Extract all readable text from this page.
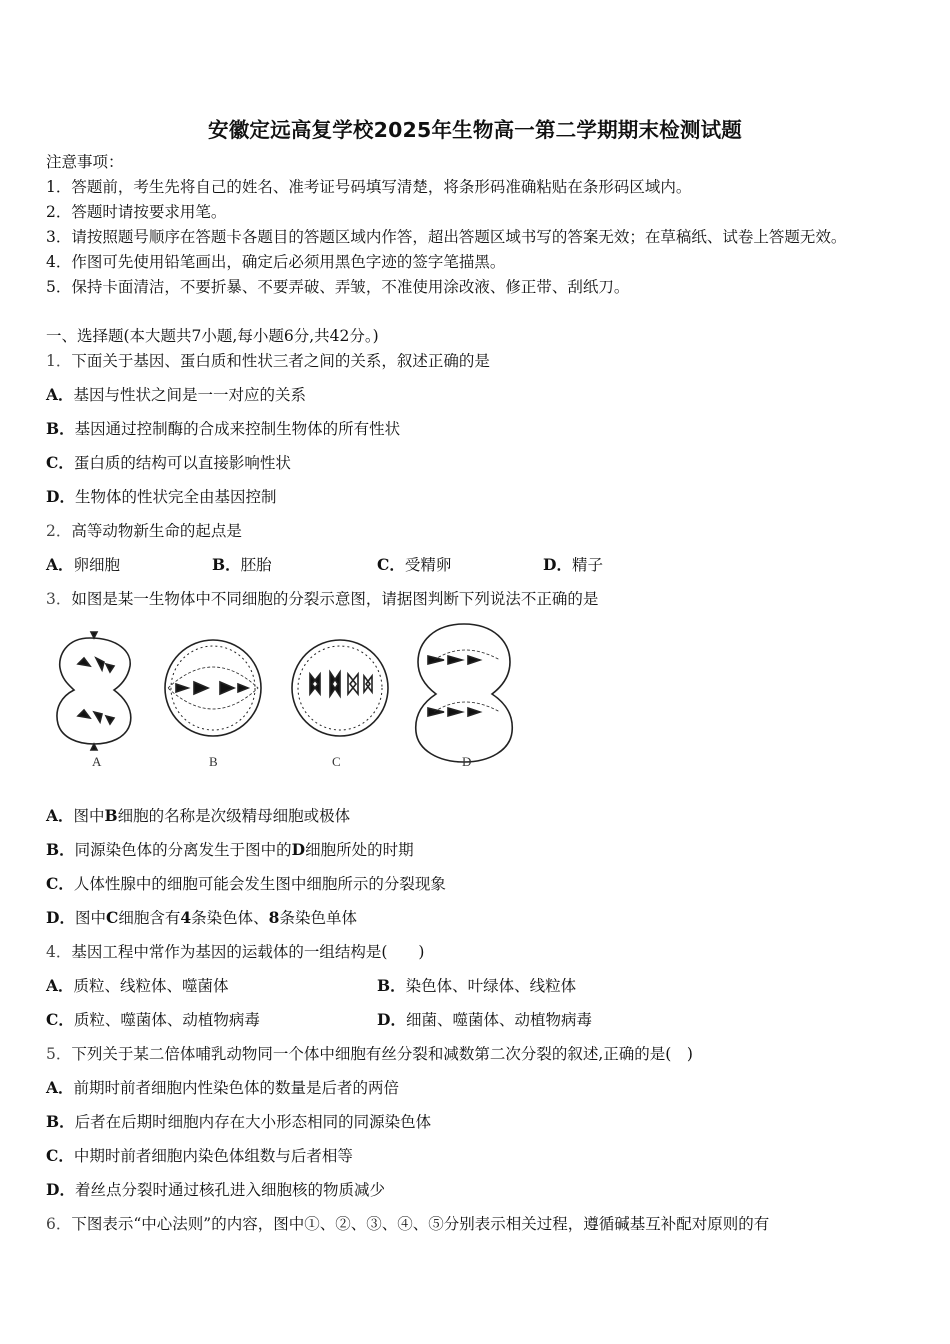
安徽定远高复学校2025年生物高一第二学期期末检测试题
注意事项：
1．答题前，考生先将自己的姓名、准考证号码填写清楚，将条形码准确粘贴在条形码区域内。
2．答题时请按要求用笔。
3．请按照题号顺序在答题卡各题目的答题区域内作答，超出答题区域书写的答案无效；在草稿纸、试卷上答题无效。
4．作图可先使用铅笔画出，确定后必须用黑色字迹的签字笔描黑。
5．保持卡面清洁，不要折暴、不要弄破、弄皱，不准使用涂改液、修正带、刮纸刀。
一、选择题(本大题共7小题,每小题6分,共42分。)
1．下面关于基因、蛋白质和性状三者之间的关系，叙述正确的是
A．基因与性状之间是一一对应的关系
B．基因通过控制酶的合成来控制生物体的所有性状
C．蛋白质的结构可以直接影响性状
D．生物体的性状完全由基因控制
2．高等动物新生命的起点是
A．卵细胞	B．胚胎	C．受精卵	D．精子
3．如图是某一生物体中不同细胞的分裂示意图，请据图判断下列说法不正确的是
A	B	C	D
A．图中B细胞的名称是次级精母细胞或极体
B．同源染色体的分离发生于图中的D细胞所处的时期
C．人体性腺中的细胞可能会发生图中细胞所示的分裂现象
D．图中C细胞含有4条染色体、8条染色单体
4．基因工程中常作为基因的运载体的一组结构是(　　)
A．质粒、线粒体、噬菌体	B．染色体、叶绿体、线粒体
C．质粒、噬菌体、动植物病毒	D．细菌、噬菌体、动植物病毒
5．下列关于某二倍体哺乳动物同一个体中细胞有丝分裂和减数第二次分裂的叙述,正确的是(　)
A．前期时前者细胞内性染色体的数量是后者的两倍
B．后者在后期时细胞内存在大小形态相同的同源染色体
C．中期时前者细胞内染色体组数与后者相等
D．着丝点分裂时通过核孔进入细胞核的物质减少
6．下图表示“中心法则”的内容，图中①、②、③、④、⑤分别表示相关过程，遵循碱基互补配对原则的有
